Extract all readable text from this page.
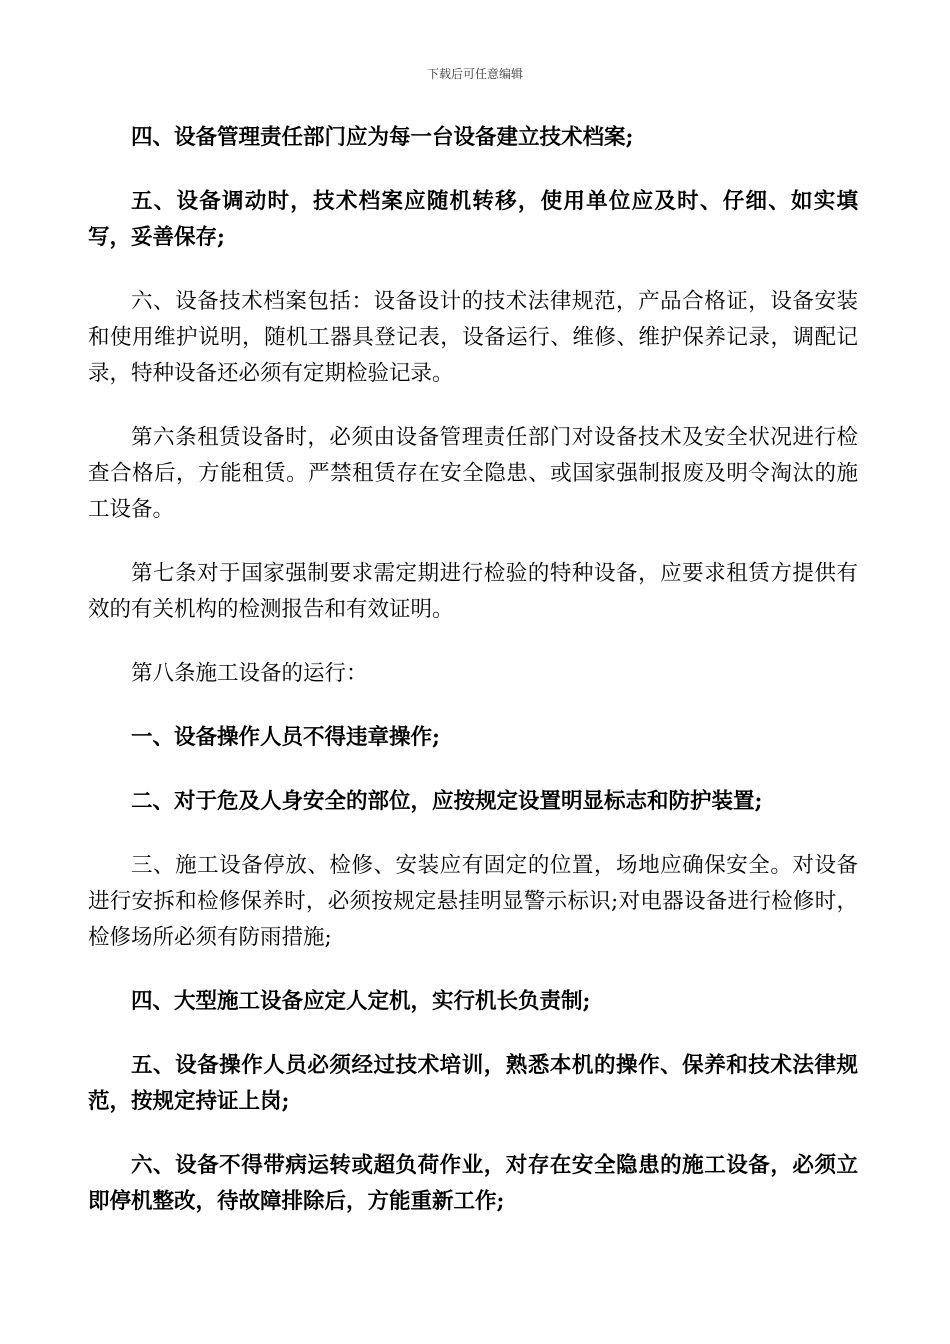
下载后可任意编辑

四、设备管理责任部门应为每一台设备建立技术档案;

五、设备调动时，技术档案应随机转移，使用单位应及时、仔细、如实填写，妥善保存;

六、设备技术档案包括：设备设计的技术法律规范，产品合格证，设备安装和使用维护说明，随机工器具登记表，设备运行、维修、维护保养记录，调配记录，特种设备还必须有定期检验记录。

第六条租赁设备时，必须由设备管理责任部门对设备技术及安全状况进行检查合格后，方能租赁。严禁租赁存在安全隐患、或国家强制报废及明令淘汰的施工设备。

第七条对于国家强制要求需定期进行检验的特种设备，应要求租赁方提供有效的有关机构的检测报告和有效证明。

第八条施工设备的运行：

一、设备操作人员不得违章操作;

二、对于危及人身安全的部位，应按规定设置明显标志和防护装置;

三、施工设备停放、检修、安装应有固定的位置，场地应确保安全。对设备进行安拆和检修保养时，必须按规定悬挂明显警示标识;对电器设备进行检修时，检修场所必须有防雨措施;

四、大型施工设备应定人定机，实行机长负责制;

五、设备操作人员必须经过技术培训，熟悉本机的操作、保养和技术法律规范，按规定持证上岗;

六、设备不得带病运转或超负荷作业，对存在安全隐患的施工设备，必须立即停机整改，待故障排除后，方能重新工作;
